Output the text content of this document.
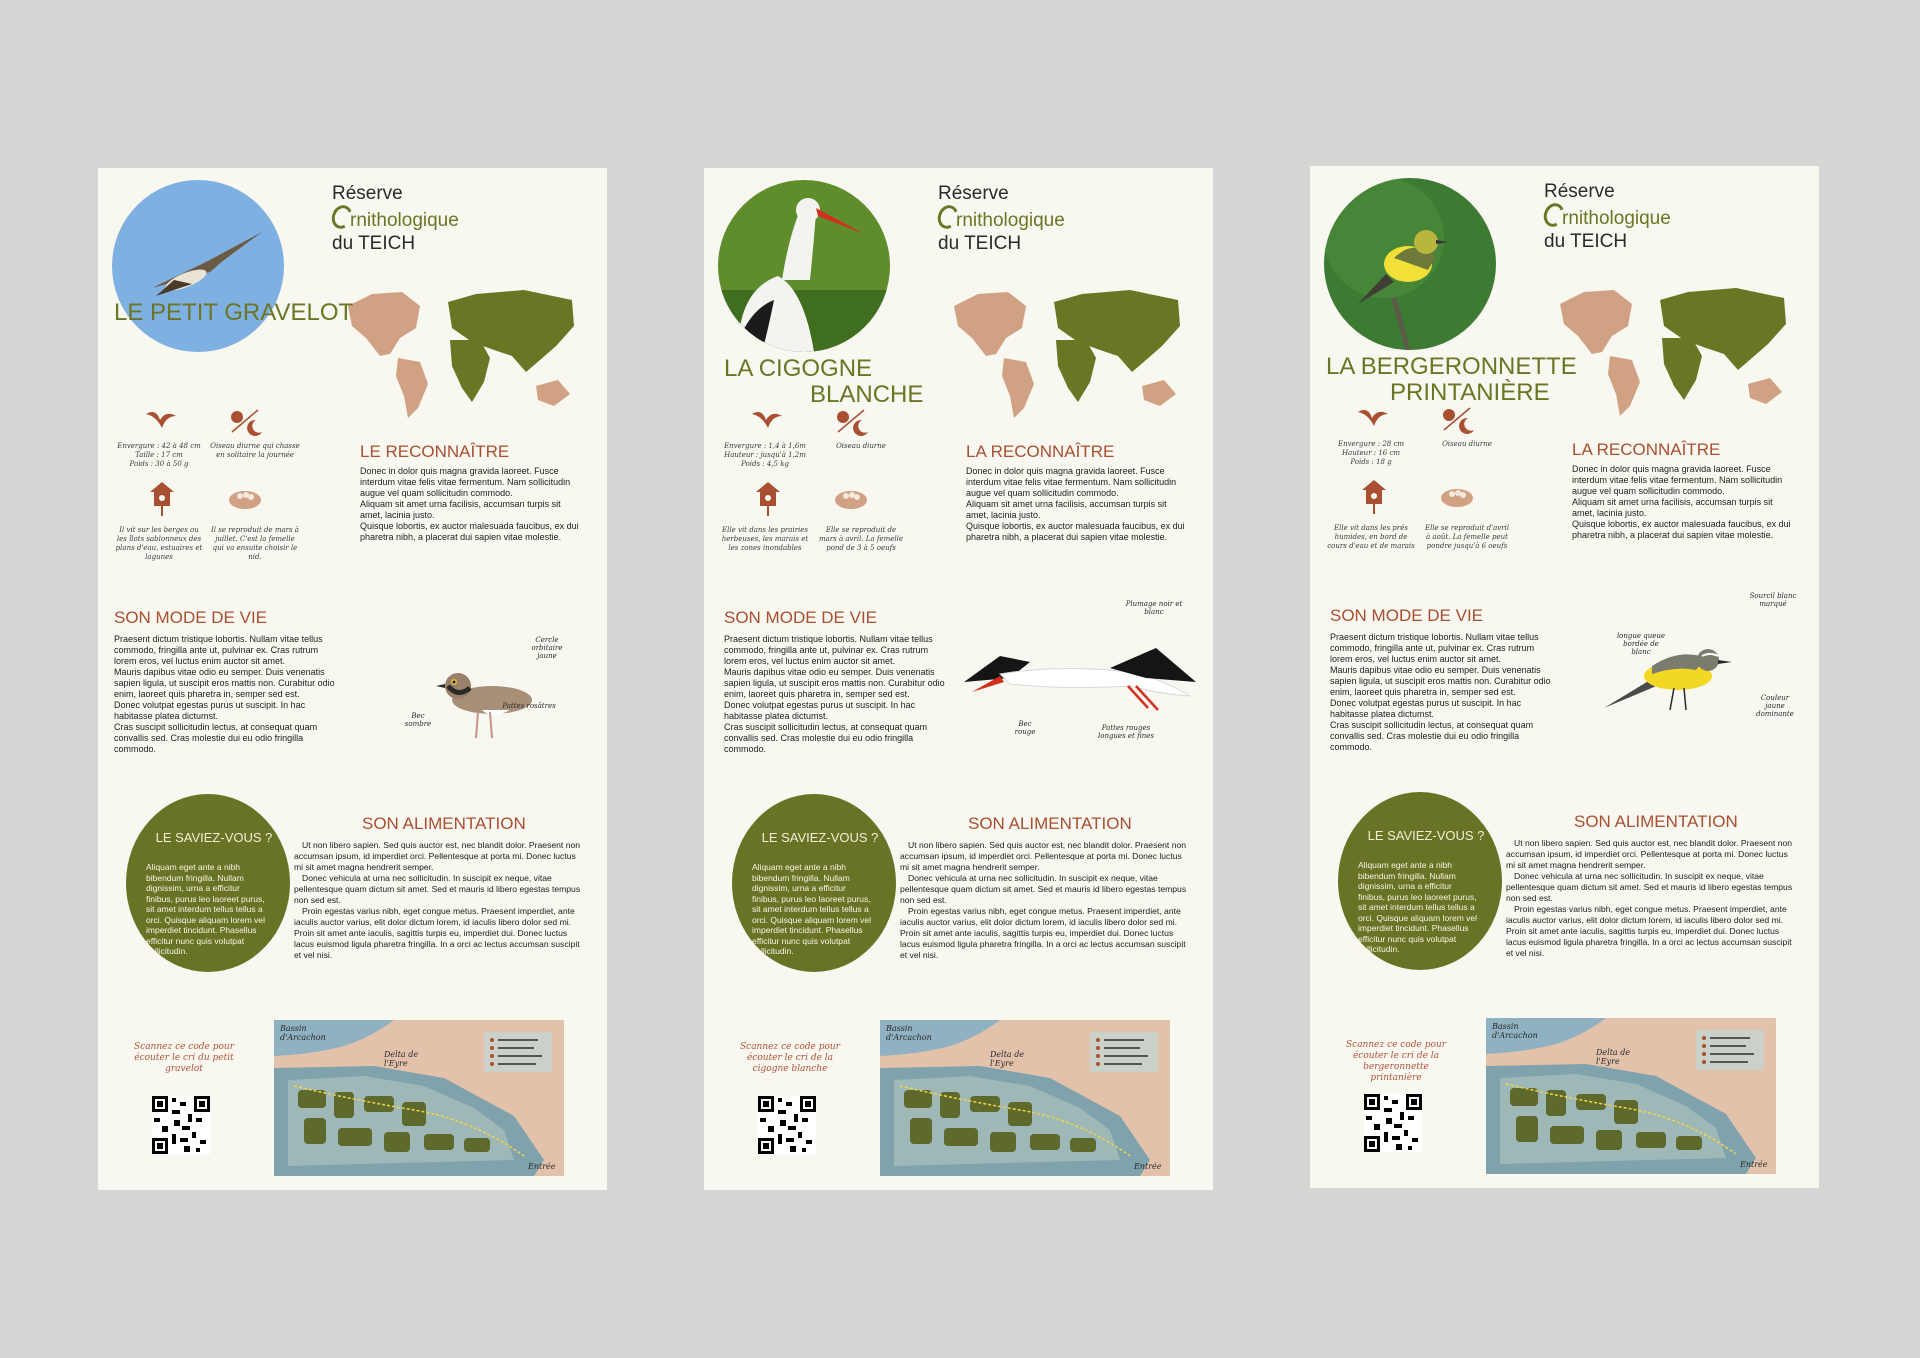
Réserve
rnithologique
du TEICH
LE PETIT GRAVELOT
Envergure : 42 à 48 cm
Taille : 17 cm
Poids : 30 à 50 g
Oiseau diurne qui chasse en solitaire la journée
Il vit sur les berges ou les îlots sablonneux des plans d'eau, estuaires et lagunes
Il se reproduit de mars à juillet. C'est la femelle qui va ensuite choisir le nid.
LE RECONNAÎTRE
Donec in dolor quis magna gravida laoreet. Fusce interdum vitae felis vitae fermentum. Nam sollicitudin augue vel quam sollicitudin commodo.
Aliquam sit amet urna facilisis, accumsan turpis sit amet, lacinia justo.
Quisque lobortis, ex auctor malesuada faucibus, ex dui pharetra nibh, a placerat dui sapien vitae molestie.
SON MODE DE VIE
Praesent dictum tristique lobortis. Nullam vitae tellus commodo, fringilla ante ut, pulvinar ex. Cras rutrum lorem eros, vel luctus enim auctor sit amet.
Mauris dapibus vitae odio eu semper. Duis venenatis sapien ligula, ut suscipit eros mattis non. Curabitur odio enim, laoreet quis pharetra in, semper sed est.
Donec volutpat egestas purus ut suscipit. In hac habitasse platea dictumst.
Cras suscipit sollicitudin lectus, at consequat quam convallis sed. Cras molestie dui eu odio fringilla commodo.
Cercle orbitaire jaune
Bec sombre
Pattes rosâtres
LE SAVIEZ-VOUS ?
Aliquam eget ante a nibh bibendum fringilla. Nullam dignissim, urna a efficitur finibus, purus leo laoreet purus, sit amet interdum tellus tellus a orci. Quisque aliquam lorem vel imperdiet tincidunt. Phasellus efficitur nunc quis volutpat sollicitudin.
SON ALIMENTATION

Ut non libero sapien. Sed quis auctor est, nec blandit dolor. Praesent non accumsan ipsum, id imperdiet orci. Pellentesque at porta mi. Donec luctus mi sit amet magna hendrerit semper.

Donec vehicula at urna nec sollicitudin. In suscipit ex neque, vitae pellentesque quam dictum sit amet. Sed et mauris id libero egestas tempus non sed est.

Proin egestas varius nibh, eget congue metus. Praesent imperdiet, ante iaculis auctor varius, elit dolor dictum lorem, id iaculis libero dolor sed mi. Proin sit amet ante iaculis, sagittis turpis eu, imperdiet dui. Donec luctus lacus euismod ligula pharetra fringilla. In a orci ac lectus accumsan suscipit et vel nisi.

Scannez ce code pour écouter le cri du petit gravelot
Bassin d'Arcachon
Delta de l'Eyre
Entrée
Réserve
rnithologique
du TEICH
LA CIGOGNE
BLANCHE
Envergure : 1,4 à 1,6m
Hauteur : jusqu'à 1,2m
Poids : 4,5 kg
Oiseau diurne
Elle vit dans les prairies herbeuses, les marais et les zones inondables
Elle se reproduit de mars à avril. La femelle pond de 3 à 5 oeufs
LA RECONNAÎTRE
Donec in dolor quis magna gravida laoreet. Fusce interdum vitae felis vitae fermentum. Nam sollicitudin augue vel quam sollicitudin commodo.
Aliquam sit amet urna facilisis, accumsan turpis sit amet, lacinia justo.
Quisque lobortis, ex auctor malesuada faucibus, ex dui pharetra nibh, a placerat dui sapien vitae molestie.
SON MODE DE VIE
Praesent dictum tristique lobortis. Nullam vitae tellus commodo, fringilla ante ut, pulvinar ex. Cras rutrum lorem eros, vel luctus enim auctor sit amet.
Mauris dapibus vitae odio eu semper. Duis venenatis sapien ligula, ut suscipit eros mattis non. Curabitur odio enim, laoreet quis pharetra in, semper sed est.
Donec volutpat egestas purus ut suscipit. In hac habitasse platea dictumst.
Cras suscipit sollicitudin lectus, at consequat quam convallis sed. Cras molestie dui eu odio fringilla commodo.
Plumage noir et blanc
Bec rouge	Pattes rouges longues et fines
LE SAVIEZ-VOUS ?
Aliquam eget ante a nibh bibendum fringilla. Nullam dignissim, urna a efficitur finibus, purus leo laoreet purus, sit amet interdum tellus tellus a orci. Quisque aliquam lorem vel imperdiet tincidunt. Phasellus efficitur nunc quis volutpat sollicitudin.
SON ALIMENTATION

Ut non libero sapien. Sed quis auctor est, nec blandit dolor. Praesent non accumsan ipsum, id imperdiet orci. Pellentesque at porta mi. Donec luctus mi sit amet magna hendrerit semper.

Donec vehicula at urna nec sollicitudin. In suscipit ex neque, vitae pellentesque quam dictum sit amet. Sed et mauris id libero egestas tempus non sed est.

Proin egestas varius nibh, eget congue metus. Praesent imperdiet, ante iaculis auctor varius, elit dolor dictum lorem, id iaculis libero dolor sed mi. Proin sit amet ante iaculis, sagittis turpis eu, imperdiet dui. Donec luctus lacus euismod ligula pharetra fringilla. In a orci ac lectus accumsan suscipit et vel nisi.

Scannez ce code pour écouter le cri de la cigogne blanche
Bassin d'Arcachon
Delta de l'Eyre
Entrée
Réserve
rnithologique
du TEICH
LA BERGERONNETTE
PRINTANIÈRE
Envergure : 28 cm
Hauteur : 16 cm
Poids : 18 g
Oiseau diurne
Elle vit dans les prés humides, en bord de cours d'eau et de marais
Elle se reproduit d'avril à août. La femelle peut pondre jusqu'à 6 oeufs
LA RECONNAÎTRE
Donec in dolor quis magna gravida laoreet. Fusce interdum vitae felis vitae fermentum. Nam sollicitudin augue vel quam sollicitudin commodo.
Aliquam sit amet urna facilisis, accumsan turpis sit amet, lacinia justo.
Quisque lobortis, ex auctor malesuada faucibus, ex dui pharetra nibh, a placerat dui sapien vitae molestie.
SON MODE DE VIE
Praesent dictum tristique lobortis. Nullam vitae tellus commodo, fringilla ante ut, pulvinar ex. Cras rutrum lorem eros, vel luctus enim auctor sit amet.
Mauris dapibus vitae odio eu semper. Duis venenatis sapien ligula, ut suscipit eros mattis non. Curabitur odio enim, laoreet quis pharetra in, semper sed est.
Donec volutpat egestas purus ut suscipit. In hac habitasse platea dictumst.
Cras suscipit sollicitudin lectus, at consequat quam convallis sed. Cras molestie dui eu odio fringilla commodo.
Sourcil blanc marqué
longue queue bordée de blanc
Couleur jaune dominante
LE SAVIEZ-VOUS ?
Aliquam eget ante a nibh bibendum fringilla. Nullam dignissim, urna a efficitur finibus, purus leo laoreet purus, sit amet interdum tellus tellus a orci. Quisque aliquam lorem vel imperdiet tincidunt. Phasellus efficitur nunc quis volutpat sollicitudin.
SON ALIMENTATION

Ut non libero sapien. Sed quis auctor est, nec blandit dolor. Praesent non accumsan ipsum, id imperdiet orci. Pellentesque at porta mi. Donec luctus mi sit amet magna hendrerit semper.

Donec vehicula at urna nec sollicitudin. In suscipit ex neque, vitae pellentesque quam dictum sit amet. Sed et mauris id libero egestas tempus non sed est.

Proin egestas varius nibh, eget congue metus. Praesent imperdiet, ante iaculis auctor varius, elit dolor dictum lorem, id iaculis libero dolor sed mi. Proin sit amet ante iaculis, sagittis turpis eu, imperdiet dui. Donec luctus lacus euismod ligula pharetra fringilla. In a orci ac lectus accumsan suscipit et vel nisi.

Scannez ce code pour écouter le cri de la bergeronnette printanière
Bassin d'Arcachon
Delta de l'Eyre
Entrée
